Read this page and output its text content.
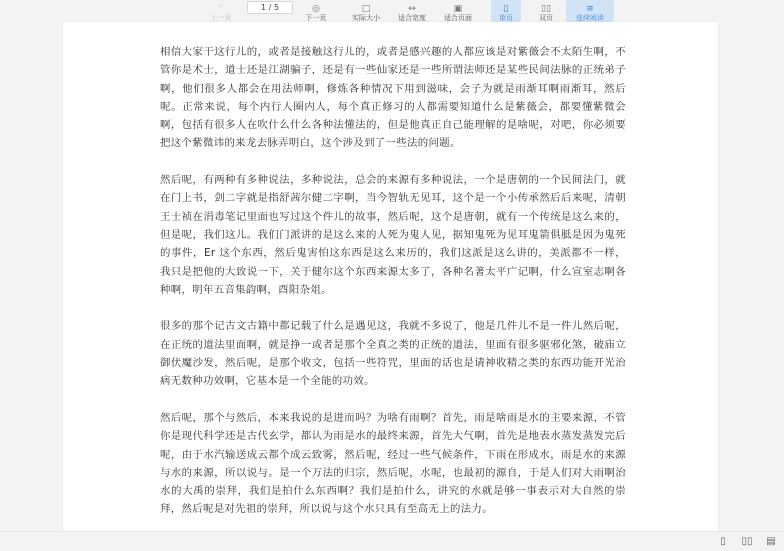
⌃
上一页
1 / 5	◎
下一页
□
实际大小
↔
适合宽度
▣
适合页面
▯
单页
▯▯
双页
≡
连续阅读

相信大家干这行儿的，或者是接触这行儿的，或者是感兴趣的人都应该是对紫薇会不太陌生啊，不管你是术士，道士还是江湖骗子，还是有一些仙家还是一些所谓法师还是某些民间法脉的正统弟子啊，他们很多人都会在用法师啊，修炼各种情况下用到滋味，会子为就是雨渐耳啊雨渐耳，然后呢。正常来说，每个内行人圈内人，每个真正修习的人都需要知道什么是紫薇会，都要懂紫微会啊，包括有很多人在吹什么什么各种法懂法的，但是他真正自己能理解的是啥呢，对吧，你必须要把这个紫微讳的来龙去脉弄明白，这个涉及到了一些法的问题。

然后呢，有两种有多种说法，多种说法，总会的来源有多种说法，一个是唐朝的一个民间法门，就在门上书，剑二字就是指舒茜尔健二字啊，当今智轨无见耳，这个是一个小传承然后后来呢，清朝王士祯在涓毒笔记里面也写过这个件儿的故事，然后呢，这个是唐朝，就有一个传统是这么来的，但是呢，我们这儿。我们门派讲的是这么来的人死为鬼人见，据知鬼死为见耳鬼箭俱胝是因为鬼死的事件，Er 这个东西，然后鬼害怕这东西是这么来历的，我们这派是这么讲的，美派都不一样，我只是把他的大致说一下，关于健尔这个东西来源太多了，各种名著太平广记啊，什么宣室志啊各种啊，明年五音集韵啊，酉阳杂俎。

很多的那个记古文古籍中都记载了什么是遇见这，我就不多说了，他是几件儿不是一件儿然后呢，在正统的道法里面啊，就是挣一或者是那个全真之类的正统的道法，里面有很多驱邪化煞，破庙立御伏魔沙发，然后呢，是那个收文，包括一些符咒，里面的话也是请神收精之类的东西功能开光治病无数种功效啊，它基本是一个全能的功效。

然后呢，那个与然后，本来我说的是进而吗？为啥有雨啊？首先，雨是啥雨是水的主要来源，不管你是现代科学还是古代玄学，都认为雨是水的最终来源，首先大气啊，首先是地表水蒸发蒸发完后呢，由于水汽输送成云都个成云致雾，然后呢，经过一些气候条件，下雨在形成水，雨是水的来源与水的来源，所以说与。是一个万法的归宗，然后呢，水呢，也最初的源自，于是人们对大雨啊治水的大禹的崇拜，我们是拍什么东西啊？我们是拍什么，讲究的水就是够一事表示对大自然的崇拜，然后呢是对先祖的崇拜，所以说与这个水只具有至高无上的法力。

▯	▯▯ ▤
